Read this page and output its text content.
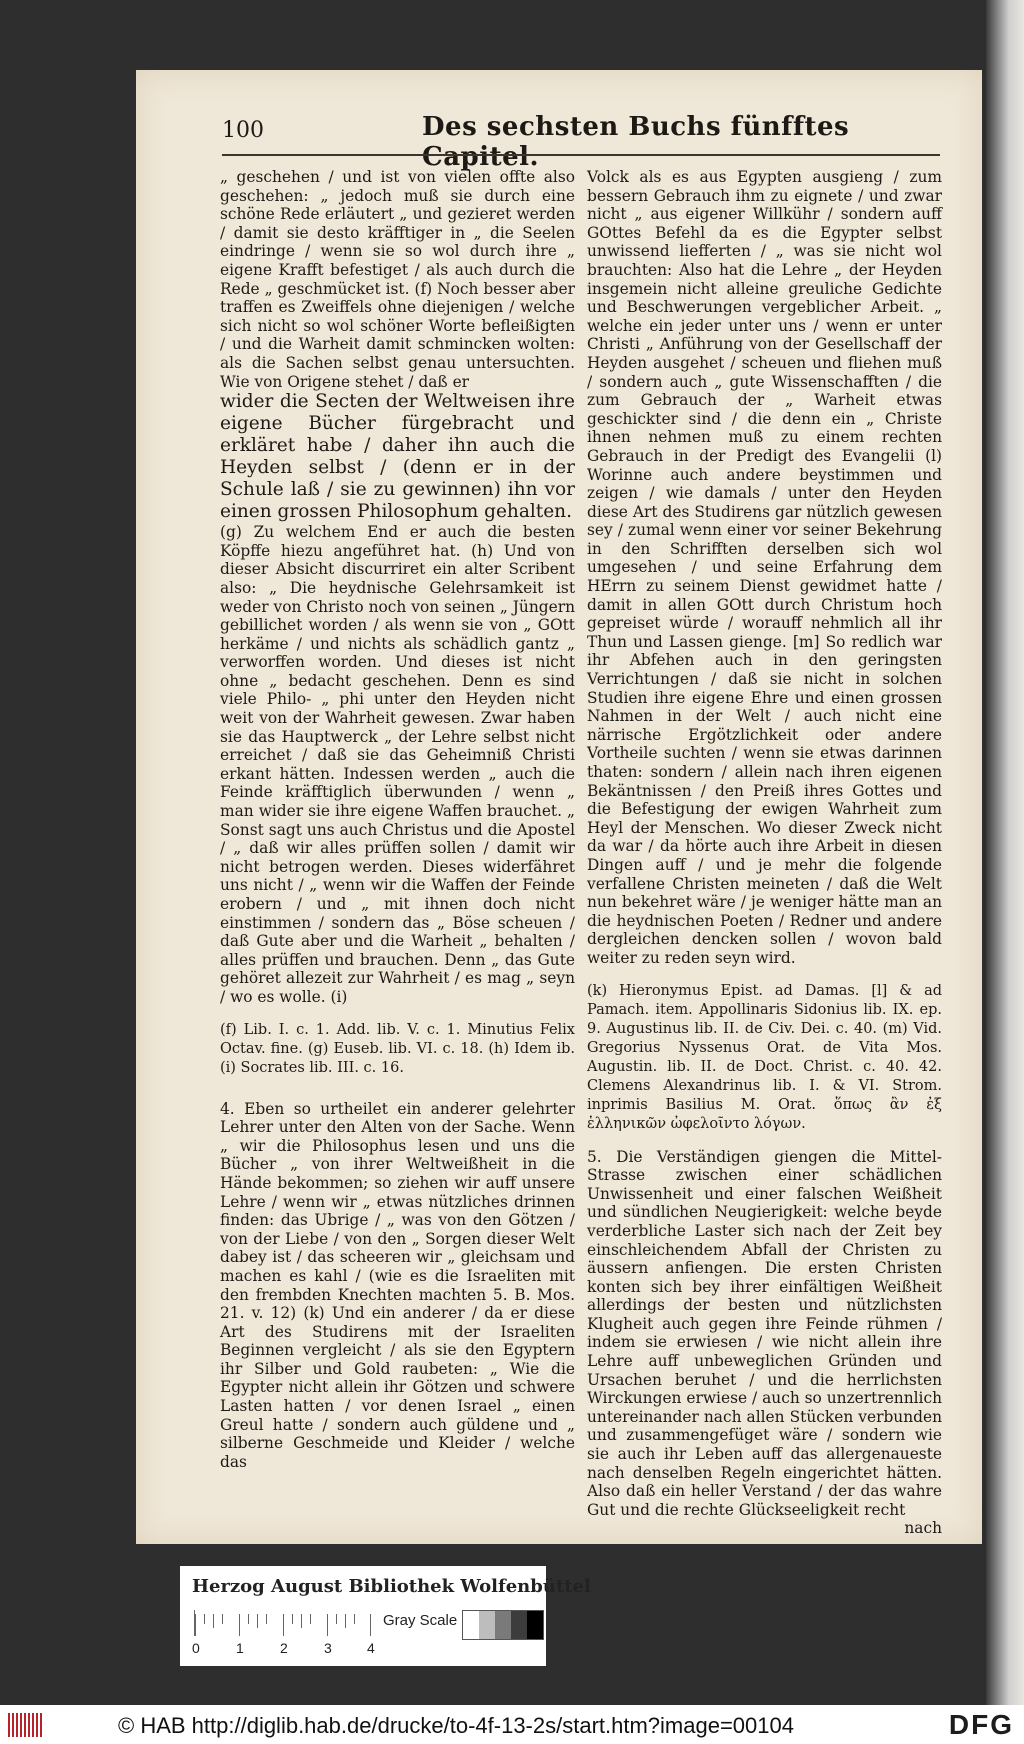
100	Des sechsten Buchs fünfftes Capitel.

„ geschehen / und ist von vielen offte also geschehen: „ jedoch muß sie durch eine schöne Rede erläutert „ und gezieret werden / damit sie desto kräfftiger in „ die Seelen eindringe / wenn sie so wol durch ihre „ eigene Krafft befestiget / als auch durch die Rede „ geschmücket ist. (f) Noch besser aber traffen es Zweiffels ohne diejenigen / welche sich nicht so wol schöner Worte befleißigten / und die Warheit damit schmincken wolten: als die Sachen selbst genau untersuchten. Wie von Origene stehet / daß er

wider die Secten der Weltweisen ihre eigene Bücher fürgebracht und erkläret habe / daher ihn auch die Heyden selbst / (denn er in der Schule laß / sie zu gewinnen) ihn vor einen grossen Philosophum gehalten.

(g) Zu welchem End er auch die besten Köpffe hiezu angeführet hat. (h) Und von dieser Absicht discurriret ein alter Scribent also: „ Die heydnische Gelehrsamkeit ist weder von Christo noch von seinen „ Jüngern gebillichet worden / als wenn sie von „ GOtt herkäme / und nichts als schädlich gantz „ verworffen worden. Und dieses ist nicht ohne „ bedacht geschehen. Denn es sind viele Philo- „ phi unter den Heyden nicht weit von der Wahrheit gewesen. Zwar haben sie das Hauptwerck „ der Lehre selbst nicht erreichet / daß sie das Geheimniß Christi erkant hätten. Indessen werden „ auch die Feinde kräfftiglich überwunden / wenn „ man wider sie ihre eigene Waffen brauchet. „ Sonst sagt uns auch Christus und die Apostel / „ daß wir alles prüffen sollen / damit wir nicht betrogen werden. Dieses widerfähret uns nicht / „ wenn wir die Waffen der Feinde erobern / und „ mit ihnen doch nicht einstimmen / sondern das „ Böse scheuen / daß Gute aber und die Warheit „ behalten / alles prüffen und brauchen. Denn „ das Gute gehöret allezeit zur Wahrheit / es mag „ seyn / wo es wolle. (i)

(f) Lib. I. c. 1. Add. lib. V. c. 1. Minutius Felix Octav. fine. (g) Euseb. lib. VI. c. 18. (h) Idem ib. (i) Socrates lib. III. c. 16.

4. Eben so urtheilet ein anderer gelehrter Lehrer unter den Alten von der Sache. Wenn „ wir die Philosophus lesen und uns die Bücher „ von ihrer Weltweißheit in die Hände bekommen; so ziehen wir auff unsere Lehre / wenn wir „ etwas nützliches drinnen finden: das Ubrige / „ was von den Götzen / von der Liebe / von den „ Sorgen dieser Welt dabey ist / das scheeren wir „ gleichsam und machen es kahl / (wie es die Israeliten mit den frembden Knechten machten 5. B. Mos. 21. v. 12) (k) Und ein anderer / da er diese Art des Studirens mit der Israeliten Beginnen vergleicht / als sie den Egyptern ihr Silber und Gold raubeten: „ Wie die Egypter nicht allein ihr Götzen und schwere Lasten hatten / vor denen Israel „ einen Greul hatte / sondern auch güldene und „ silberne Geschmeide und Kleider / welche das

Volck als es aus Egypten ausgieng / zum bessern Gebrauch ihm zu eignete / und zwar nicht „ aus eigener Willkühr / sondern auff GOttes Befehl da es die Egypter selbst unwissend liefferten / „ was sie nicht wol brauchten: Also hat die Lehre „ der Heyden insgemein nicht alleine greuliche Gedichte und Beschwerungen vergeblicher Arbeit. „ welche ein jeder unter uns / wenn er unter Christi „ Anführung von der Gesellschaff der Heyden ausgehet / scheuen und fliehen muß / sondern auch „ gute Wissenschafften / die zum Gebrauch der „ Warheit etwas geschickter sind / die denn ein „ Christe ihnen nehmen muß zu einem rechten Gebrauch in der Predigt des Evangelii (l) Worinne auch andere beystimmen und zeigen / wie damals / unter den Heyden diese Art des Studirens gar nützlich gewesen sey / zumal wenn einer vor seiner Bekehrung in den Schrifften derselben sich wol umgesehen / und seine Erfahrung dem HErrn zu seinem Dienst gewidmet hatte / damit in allen GOtt durch Christum hoch gepreiset würde / worauff nehmlich all ihr Thun und Lassen gienge. [m] So redlich war ihr Abfehen auch in den geringsten Verrichtungen / daß sie nicht in solchen Studien ihre eigene Ehre und einen grossen Nahmen in der Welt / auch nicht eine närrische Ergötzlichkeit oder andere Vortheile suchten / wenn sie etwas darinnen thaten: sondern / allein nach ihren eigenen Bekäntnissen / den Preiß ihres Gottes und die Befestigung der ewigen Wahrheit zum Heyl der Menschen. Wo dieser Zweck nicht da war / da hörte auch ihre Arbeit in diesen Dingen auff / und je mehr die folgende verfallene Christen meineten / daß die Welt nun bekehret wäre / je weniger hätte man an die heydnischen Poeten / Redner und andere dergleichen dencken sollen / wovon bald weiter zu reden seyn wird.

(k) Hieronymus Epist. ad Damas. [l] & ad Pamach. item. Appollinaris Sidonius lib. IX. ep. 9. Augustinus lib. II. de Civ. Dei. c. 40. (m) Vid. Gregorius Nyssenus Orat. de Vita Mos. Augustin. lib. II. de Doct. Christ. c. 40. 42. Clemens Alexandrinus lib. I. & VI. Strom. inprimis Basilius M. Orat. ὅπως ἂν ἐξ ἑλληνικῶν ὠφελοῖντο λόγων.

5. Die Verständigen giengen die Mittel-Strasse zwischen einer schädlichen Unwissenheit und einer falschen Weißheit und sündlichen Neugierigkeit: welche beyde verderbliche Laster sich nach der Zeit bey einschleichendem Abfall der Christen zu äussern anfiengen. Die ersten Christen konten sich bey ihrer einfältigen Weißheit allerdings der besten und nützlichsten Klugheit auch gegen ihre Feinde rühmen / indem sie erwiesen / wie nicht allein ihre Lehre auff unbeweglichen Gründen und Ursachen beruhet / und die herrlichsten Wirckungen erwiese / auch so unzertrennlich untereinander nach allen Stücken verbunden und zusammengefüget wäre / sondern wie sie auch ihr Leben auff das allergenaueste nach denselben Regeln eingerichtet hätten. Also daß ein heller Verstand / der das wahre Gut und die rechte Glückseeligkeit recht

nach
Herzog August Bibliothek Wolfenbüttel
0	1	2	3	4
Gray Scale
© HAB http://diglib.hab.de/drucke/to-4f-13-2s/start.htm?image=00104	DFG
